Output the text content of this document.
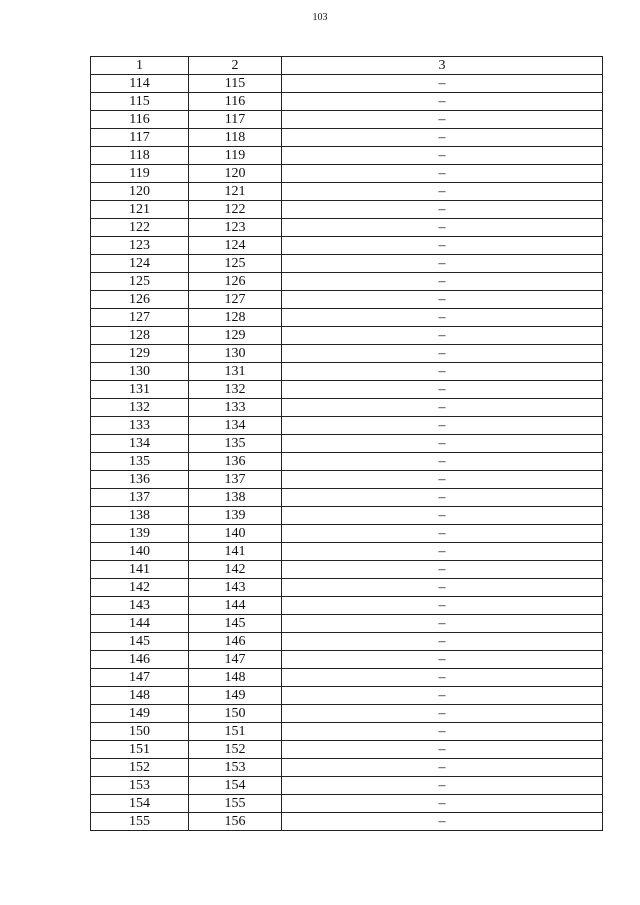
103
1	2	3
114	115	–
115	116	–
116	117	–
117	118	–
118	119	–
119	120	–
120	121	–
121	122	–
122	123	–
123	124	–
124	125	–
125	126	–
126	127	–
127	128	–
128	129	–
129	130	–
130	131	–
131	132	–
132	133	–
133	134	–
134	135	–
135	136	–
136	137	–
137	138	–
138	139	–
139	140	–
140	141	–
141	142	–
142	143	–
143	144	–
144	145	–
145	146	–
146	147	–
147	148	–
148	149	–
149	150	–
150	151	–
151	152	–
152	153	–
153	154	–
154	155	–
155	156	–
